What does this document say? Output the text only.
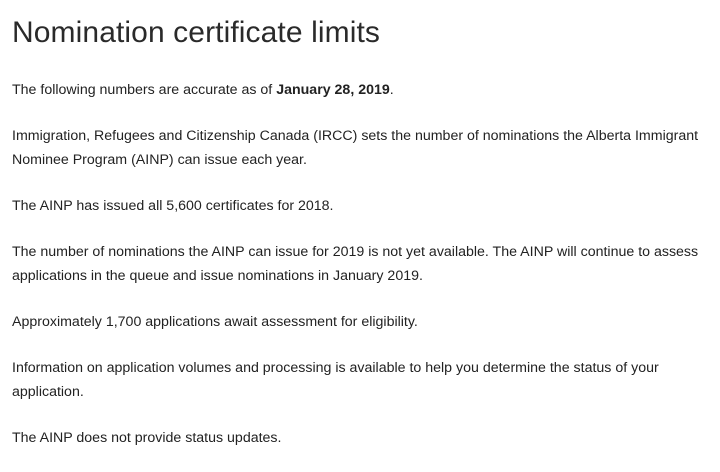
Nomination certificate limits

The following numbers are accurate as of January 28, 2019.

Immigration, Refugees and Citizenship Canada (IRCC) sets the number of nominations the Alberta Immigrant Nominee Program (AINP) can issue each year.

The AINP has issued all 5,600 certificates for 2018.

The number of nominations the AINP can issue for 2019 is not yet available. The AINP will continue to assess applications in the queue and issue nominations in January 2019.

Approximately 1,700 applications await assessment for eligibility.

Information on application volumes and processing is available to help you determine the status of your application.

The AINP does not provide status updates.
